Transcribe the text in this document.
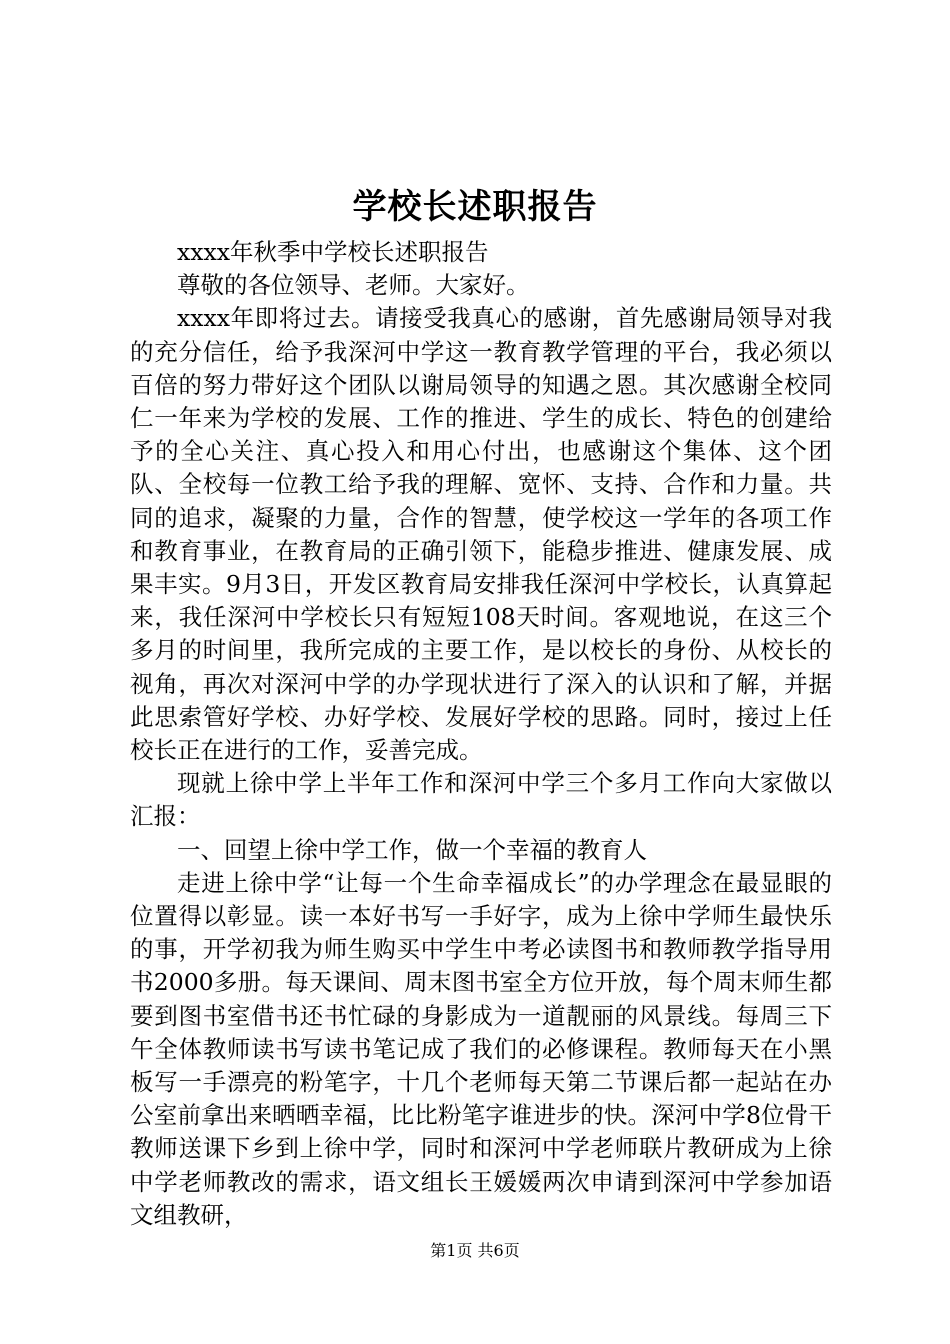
学校长述职报告

xxxx年秋季中学校长述职报告

尊敬的各位领导、老师。大家好。

xxxx年即将过去。请接受我真心的感谢，首先感谢局领导对我的充分信任，给予我深河中学这一教育教学管理的平台，我必须以百倍的努力带好这个团队以谢局领导的知遇之恩。其次感谢全校同仁一年来为学校的发展、工作的推进、学生的成长、特色的创建给予的全心关注、真心投入和用心付出，也感谢这个集体、这个团队、全校每一位教工给予我的理解、宽怀、支持、合作和力量。共同的追求，凝聚的力量，合作的智慧，使学校这一学年的各项工作和教育事业，在教育局的正确引领下，能稳步推进、健康发展、成果丰实。9月3日，开发区教育局安排我任深河中学校长，认真算起来，我任深河中学校长只有短短108天时间。客观地说，在这三个多月的时间里，我所完成的主要工作，是以校长的身份、从校长的视角，再次对深河中学的办学现状进行了深入的认识和了解，并据此思索管好学校、办好学校、发展好学校的思路。同时，接过上任校长正在进行的工作，妥善完成。

现就上徐中学上半年工作和深河中学三个多月工作向大家做以汇报：

一、回望上徐中学工作，做一个幸福的教育人

走进上徐中学“让每一个生命幸福成长”的办学理念在最显眼的位置得以彰显。读一本好书写一手好字，成为上徐中学师生最快乐的事，开学初我为师生购买中学生中考必读图书和教师教学指导用书2000多册。每天课间、周末图书室全方位开放，每个周末师生都要到图书室借书还书忙碌的身影成为一道靓丽的风景线。每周三下午全体教师读书写读书笔记成了我们的必修课程。教师每天在小黑板写一手漂亮的粉笔字，十几个老师每天第二节课后都一起站在办公室前拿出来晒晒幸福，比比粉笔字谁进步的快。深河中学8位骨干教师送课下乡到上徐中学，同时和深河中学老师联片教研成为上徐中学老师教改的需求，语文组长王媛媛两次申请到深河中学参加语文组教研，

第1页 共6页
